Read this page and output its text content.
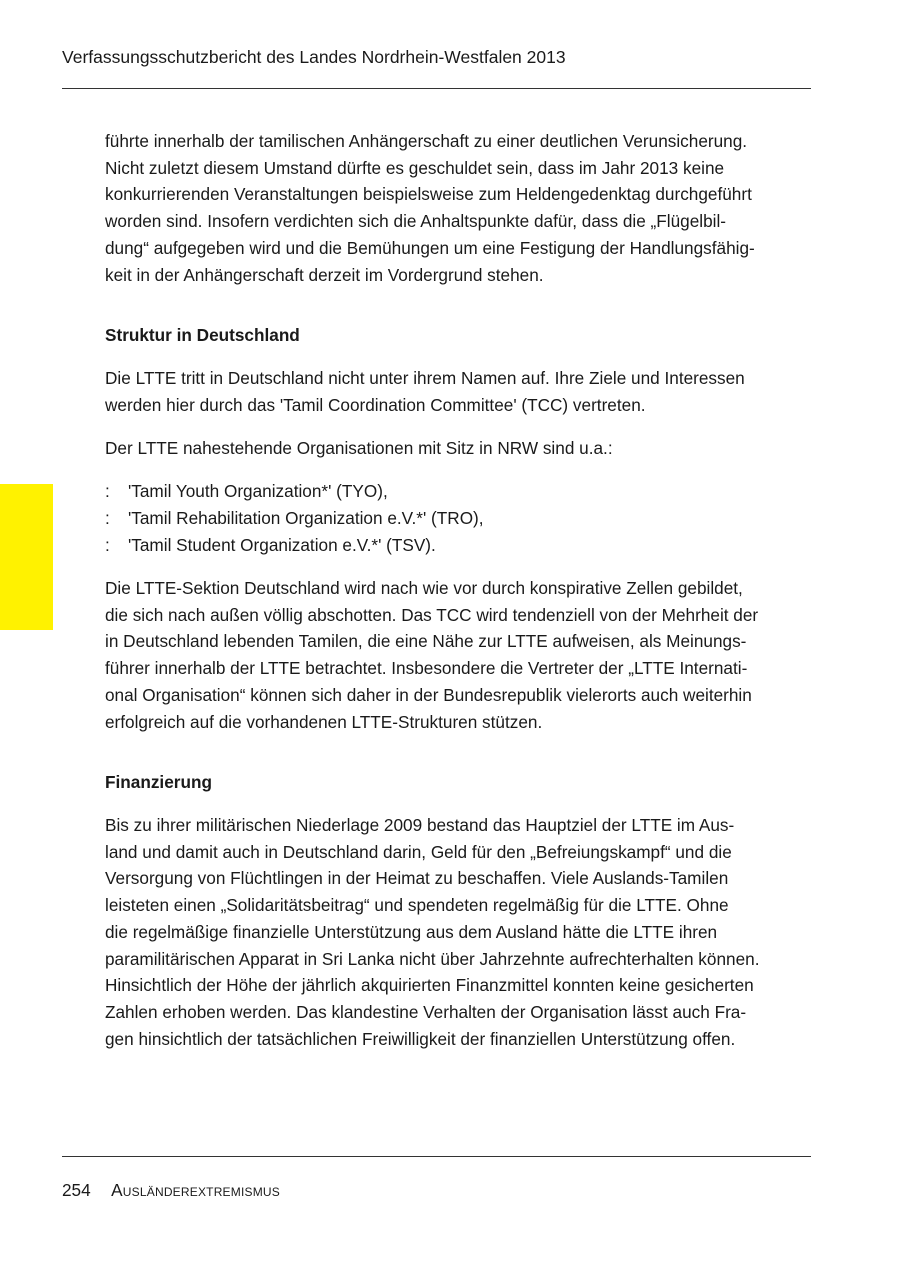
Verfassungsschutzbericht des Landes Nordrhein-Westfalen 2013

führte innerhalb der tamilischen Anhängerschaft zu einer deutlichen Verunsicherung.
Nicht zuletzt diesem Umstand dürfte es geschuldet sein, dass im Jahr 2013 keine
konkurrierenden Veranstaltungen beispielsweise zum Heldengedenktag durchgeführt
worden sind. Insofern verdichten sich die Anhaltspunkte dafür, dass die „Flügelbil-
dung“ aufgegeben wird und die Bemühungen um eine Festigung der Handlungsfähig-
keit in der Anhängerschaft derzeit im Vordergrund stehen.

Struktur in Deutschland

Die LTTE tritt in Deutschland nicht unter ihrem Namen auf. Ihre Ziele und Interessen
werden hier durch das 'Tamil Coordination Committee' (TCC) vertreten.

Der LTTE nahestehende Organisationen mit Sitz in NRW sind u.a.:

: 'Tamil Youth Organization*' (TYO),
: 'Tamil Rehabilitation Organization e.V.*' (TRO),
: 'Tamil Student Organization e.V.*' (TSV).

Die LTTE-Sektion Deutschland wird nach wie vor durch konspirative Zellen gebildet,
die sich nach außen völlig abschotten. Das TCC wird tendenziell von der Mehrheit der
in Deutschland lebenden Tamilen, die eine Nähe zur LTTE aufweisen, als Meinungs-
führer innerhalb der LTTE betrachtet. Insbesondere die Vertreter der „LTTE Internati-
onal Organisation“ können sich daher in der Bundesrepublik vielerorts auch weiterhin
erfolgreich auf die vorhandenen LTTE-Strukturen stützen.

Finanzierung

Bis zu ihrer militärischen Niederlage 2009 bestand das Hauptziel der LTTE im Aus-
land und damit auch in Deutschland darin, Geld für den „Befreiungskampf“ und die
Versorgung von Flüchtlingen in der Heimat zu beschaffen. Viele Auslands-Tamilen
leisteten einen „Solidaritätsbeitrag“ und spendeten regelmäßig für die LTTE. Ohne
die regelmäßige finanzielle Unterstützung aus dem Ausland hätte die LTTE ihren
paramilitärischen Apparat in Sri Lanka nicht über Jahrzehnte aufrechterhalten können.
Hinsichtlich der Höhe der jährlich akquirierten Finanzmittel konnten keine gesicherten
Zahlen erhoben werden. Das klandestine Verhalten der Organisation lässt auch Fra-
gen hinsichtlich der tatsächlichen Freiwilligkeit der finanziellen Unterstützung offen.

254 Ausländerextremismus
